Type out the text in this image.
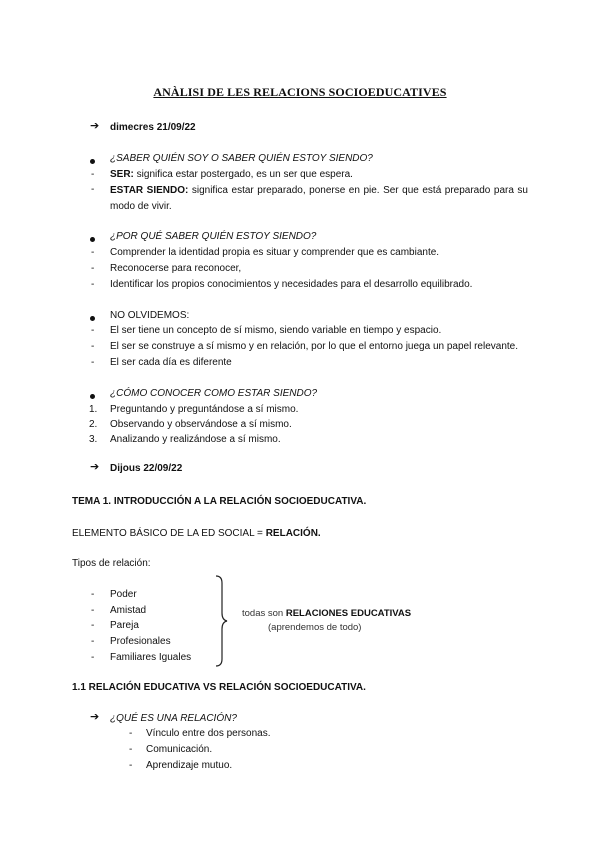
ANÀLISI DE LES RELACIONS SOCIOEDUCATIVES
➔ dimecres 21/09/22
¿SABER QUIÉN SOY O SABER QUIÉN ESTOY SIENDO?
- SER: significa estar postergado, es un ser que espera.
- ESTAR SIENDO: significa estar preparado, ponerse en pie. Ser que está preparado para su modo de vivir.
¿POR QUÉ SABER QUIÉN ESTOY SIENDO?
- Comprender la identidad propia es situar y comprender que es cambiante.
- Reconocerse para reconocer,
- Identificar los propios conocimientos y necesidades para el desarrollo equilibrado.
NO OLVIDEMOS:
- El ser tiene un concepto de sí mismo, siendo variable en tiempo y espacio.
- El ser se construye a sí mismo y en relación, por lo que el entorno juega un papel relevante.
- El ser cada día es diferente
¿CÓMO CONOCER COMO ESTAR SIENDO?
1. Preguntando y preguntándose a sí mismo.
2. Observando y observándose a sí mismo.
3. Analizando y realizándose a sí mismo.
➔ Dijous 22/09/22
TEMA 1. INTRODUCCIÓN A LA RELACIÓN SOCIOEDUCATIVA.
ELEMENTO BÁSICO DE LA ED SOCIAL = RELACIÓN.
Tipos de relación:
- Poder
- Amistad
- Pareja
- Profesionales
- Familiares Iguales
todas son RELACIONES EDUCATIVAS
(aprendemos de todo)
1.1 RELACIÓN EDUCATIVA VS RELACIÓN SOCIOEDUCATIVA.
➔ ¿QUÉ ES UNA RELACIÓN?
- Vínculo entre dos personas.
- Comunicación.
- Aprendizaje mutuo.
